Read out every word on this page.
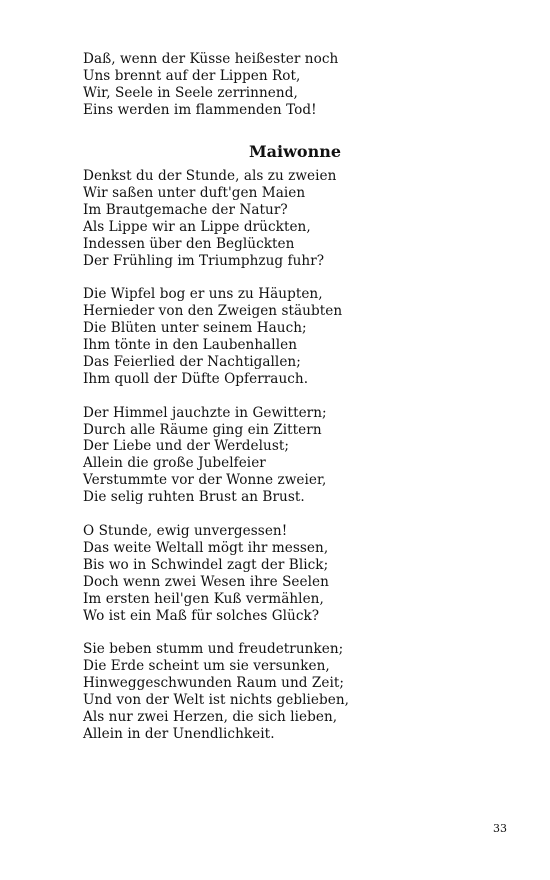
Daß, wenn der Küsse heißester noch
Uns brennt auf der Lippen Rot,
Wir, Seele in Seele zerrinnend,
Eins werden im flammenden Tod!
Maiwonne
Denkst du der Stunde, als zu zweien
Wir saßen unter duft'gen Maien
Im Brautgemache der Natur?
Als Lippe wir an Lippe drückten,
Indessen über den Beglückten
Der Frühling im Triumphzug fuhr?
Die Wipfel bog er uns zu Häupten,
Hernieder von den Zweigen stäubten
Die Blüten unter seinem Hauch;
Ihm tönte in den Laubenhallen
Das Feierlied der Nachtigallen;
Ihm quoll der Düfte Opferrauch.
Der Himmel jauchzte in Gewittern;
Durch alle Räume ging ein Zittern
Der Liebe und der Werdelust;
Allein die große Jubelfeier
Verstummte vor der Wonne zweier,
Die selig ruhten Brust an Brust.
O Stunde, ewig unvergessen!
Das weite Weltall mögt ihr messen,
Bis wo in Schwindel zagt der Blick;
Doch wenn zwei Wesen ihre Seelen
Im ersten heil'gen Kuß vermählen,
Wo ist ein Maß für solches Glück?
Sie beben stumm und freudetrunken;
Die Erde scheint um sie versunken,
Hinweggeschwunden Raum und Zeit;
Und von der Welt ist nichts geblieben,
Als nur zwei Herzen, die sich lieben,
Allein in der Unendlichkeit.
33
